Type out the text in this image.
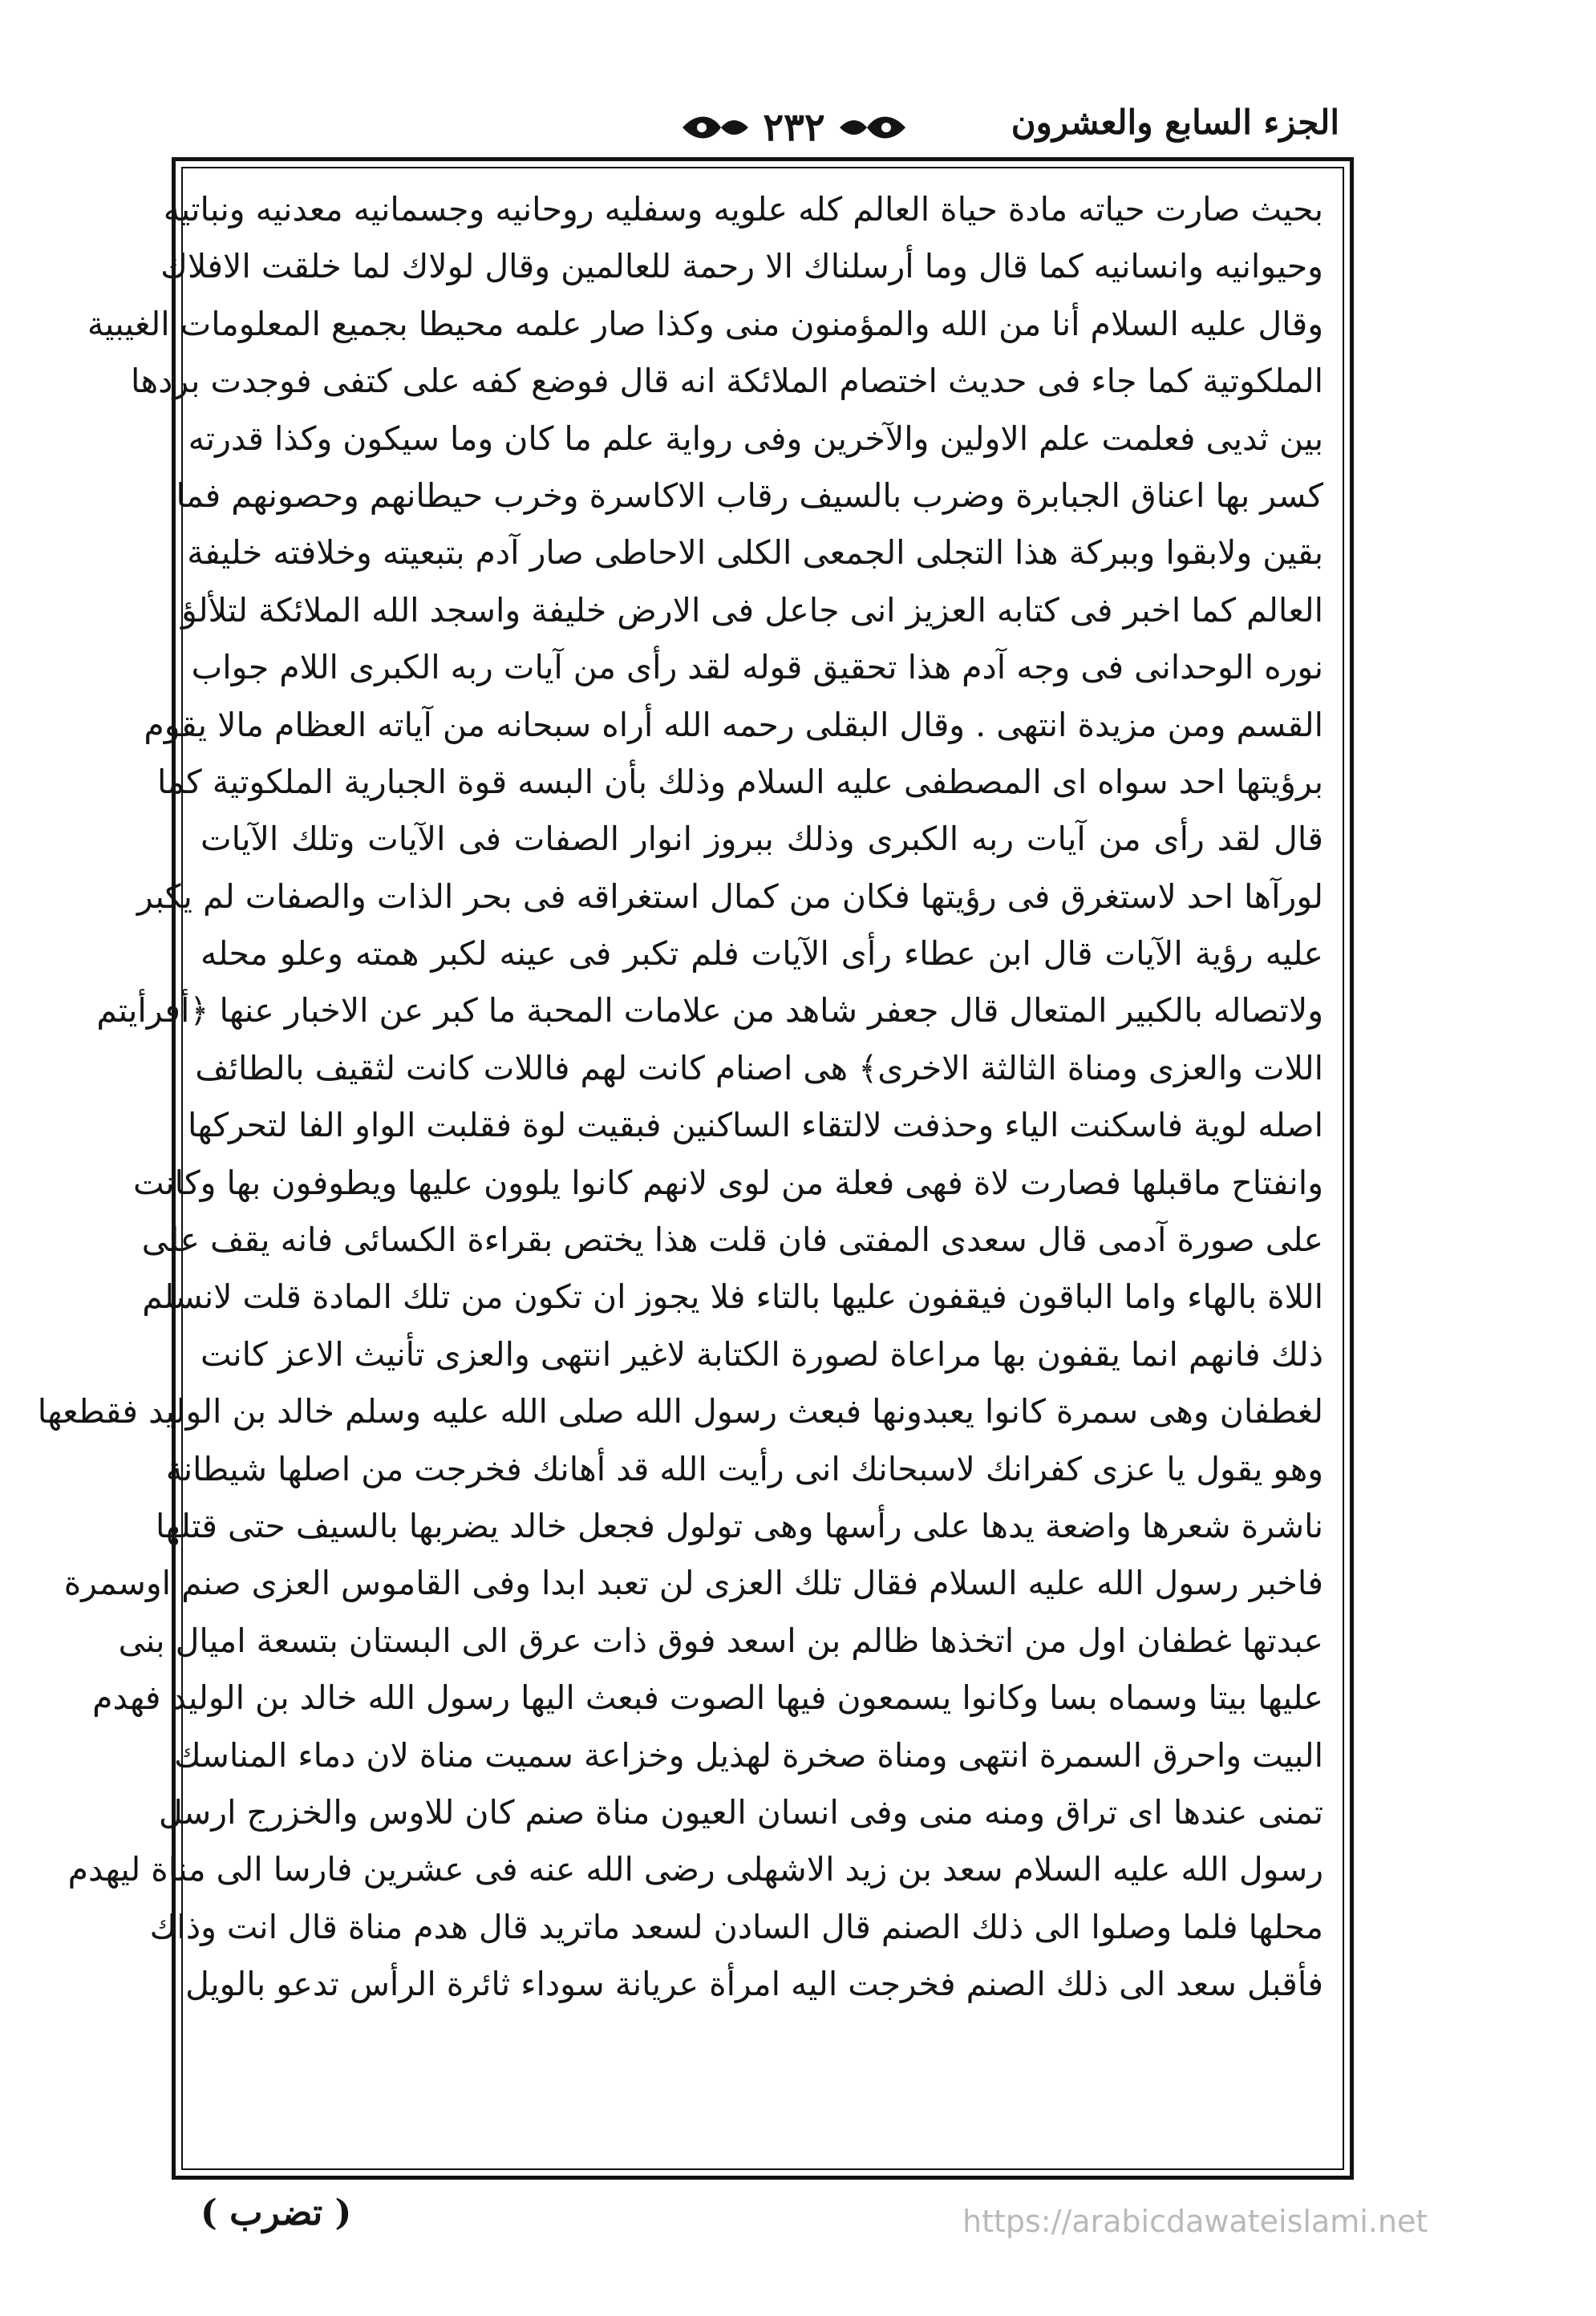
الجزء السابع والعشرون
٢٣٢
بحيث صارت حياته مادة حياة العالم كله علويه وسفليه روحانيه وجسمانيه معدنيه ونباتيه
وحيوانيه وانسانيه كما قال وما أرسلناك الا رحمة للعالمين وقال لولاك لما خلقت الافلاك
وقال عليه السلام أنا من الله والمؤمنون منى وكذا صار علمه محيطا بجميع المعلومات الغيبية
الملكوتية كما جاء فى حديث اختصام الملائكة انه قال فوضع كفه على كتفى فوجدت بردها
بين ثديى فعلمت علم الاولين والآخرين وفى رواية علم ما كان وما سيكون وكذا قدرته
كسر بها اعناق الجبابرة وضرب بالسيف رقاب الاكاسرة وخرب حيطانهم وحصونهم فما
بقين ولابقوا وببركة هذا التجلى الجمعى الكلى الاحاطى صار آدم بتبعيته وخلافته خليفة
العالم كما اخبر فى كتابه العزيز انى جاعل فى الارض خليفة واسجد الله الملائكة لتلألؤ
نوره الوحدانى فى وجه آدم هذا تحقيق قوله لقد رأى من آيات ربه الكبرى اللام جواب
القسم ومن مزيدة انتهى . وقال البقلى رحمه الله أراه سبحانه من آياته العظام مالا يقوم
برؤيتها احد سواه اى المصطفى عليه السلام وذلك بأن البسه قوة الجبارية الملكوتية كما
قال لقد رأى من آيات ربه الكبرى وذلك ببروز انوار الصفات فى الآيات وتلك الآيات
لورآها احد لاستغرق فى رؤيتها فكان من كمال استغراقه فى بحر الذات والصفات لم يكبر
عليه رؤية الآيات قال ابن عطاء رأى الآيات فلم تكبر فى عينه لكبر همته وعلو محله
ولاتصاله بالكبير المتعال قال جعفر شاهد من علامات المحبة ما كبر عن الاخبار عنها ﴿أفرأيتم
اللات والعزى ومناة الثالثة الاخرى﴾ هى اصنام كانت لهم فاللات كانت لثقيف بالطائف
اصله لوية فاسكنت الياء وحذفت لالتقاء الساكنين فبقيت لوة فقلبت الواو الفا لتحركها
وانفتاح ماقبلها فصارت لاة فهى فعلة من لوى لانهم كانوا يلوون عليها ويطوفون بها وكانت
على صورة آدمى قال سعدى المفتى فان قلت هذا يختص بقراءة الكسائى فانه يقف على
اللاة بالهاء واما الباقون فيقفون عليها بالتاء فلا يجوز ان تكون من تلك المادة قلت لانسلم
ذلك فانهم انما يقفون بها مراعاة لصورة الكتابة لاغير انتهى والعزى تأنيث الاعز كانت
لغطفان وهى سمرة كانوا يعبدونها فبعث رسول الله صلى الله عليه وسلم خالد بن الوليد فقطعها
وهو يقول يا عزى كفرانك لاسبحانك انى رأيت الله قد أهانك فخرجت من اصلها شيطانة
ناشرة شعرها واضعة يدها على رأسها وهى تولول فجعل خالد يضربها بالسيف حتى قتلها
فاخبر رسول الله عليه السلام فقال تلك العزى لن تعبد ابدا وفى القاموس العزى صنم اوسمرة
عبدتها غطفان اول من اتخذها ظالم بن اسعد فوق ذات عرق الى البستان بتسعة اميال بنى
عليها بيتا وسماه بسا وكانوا يسمعون فيها الصوت فبعث اليها رسول الله خالد بن الوليد فهدم
البيت واحرق السمرة انتهى ومناة صخرة لهذيل وخزاعة سميت مناة لان دماء المناسك
تمنى عندها اى تراق ومنه منى وفى انسان العيون مناة صنم كان للاوس والخزرج ارسل
رسول الله عليه السلام سعد بن زيد الاشهلى رضى الله عنه فى عشرين فارسا الى مناة ليهدم
محلها فلما وصلوا الى ذلك الصنم قال السادن لسعد ماتريد قال هدم مناة قال انت وذاك
فأقبل سعد الى ذلك الصنم فخرجت اليه امرأة عريانة سوداء ثائرة الرأس تدعو بالويل
( تضرب )	https://arabicdawateislami.net
